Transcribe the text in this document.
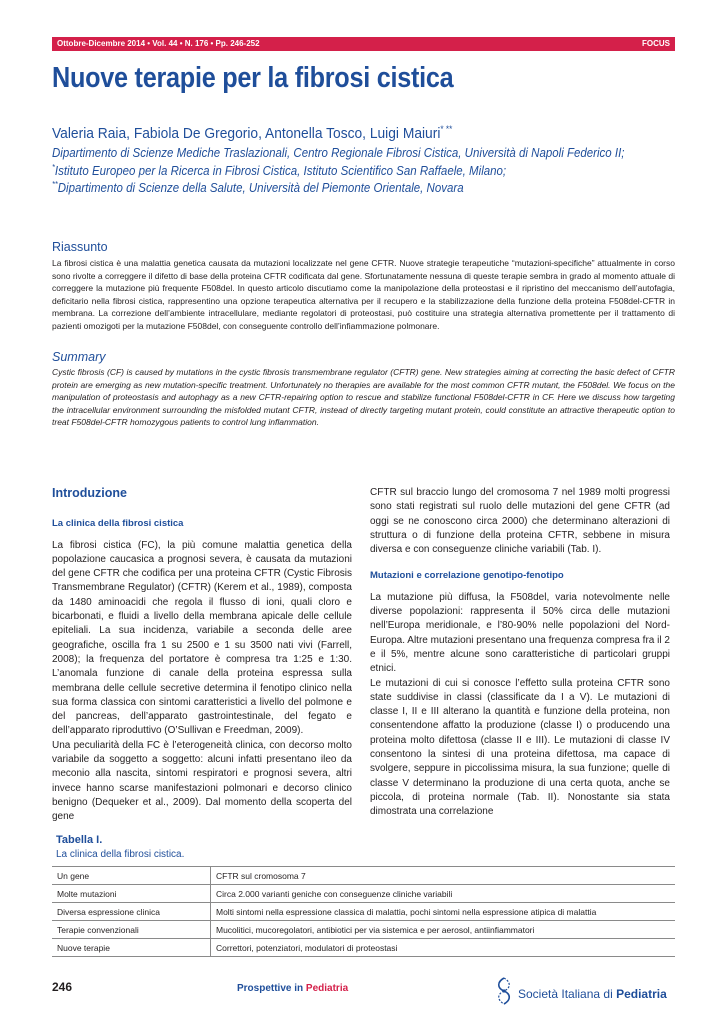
Ottobre-Dicembre 2014 • Vol. 44 • N. 176 • Pp. 246-252	FOCUS
Nuove terapie per la fibrosi cistica
Valeria Raia, Fabiola De Gregorio, Antonella Tosco, Luigi Maiuri* **
Dipartimento di Scienze Mediche Traslazionali, Centro Regionale Fibrosi Cistica, Università di Napoli Federico II;
*Istituto Europeo per la Ricerca in Fibrosi Cistica, Istituto Scientifico San Raffaele, Milano;
**Dipartimento di Scienze della Salute, Università del Piemonte Orientale, Novara
Riassunto

La fibrosi cistica è una malattia genetica causata da mutazioni localizzate nel gene CFTR. Nuove strategie terapeutiche “mutazioni-specifiche” attualmente in corso sono rivolte a correggere il difetto di base della proteina CFTR codificata dal gene. Sfortunatamente nessuna di queste terapie sembra in grado al momento attuale di correggere la mutazione più frequente F508del. In questo articolo discutiamo come la manipolazione della proteostasi e il ripristino del meccanismo dell’autofagia, deficitario nella fibrosi cistica, rappresentino una opzione terapeutica alternativa per il recupero e la stabilizzazione della funzione della proteina F508del-CFTR in membrana. La correzione dell’ambiente intracellulare, mediante regolatori di proteostasi, può costituire una strategia alternativa promettente per il trattamento di pazienti omozigoti per la mutazione F508del, con conseguente controllo dell’infiammazione polmonare.

Summary

Cystic fibrosis (CF) is caused by mutations in the cystic fibrosis transmembrane regulator (CFTR) gene. New strategies aiming at correcting the basic defect of CFTR protein are emerging as new mutation-specific treatment. Unfortunately no therapies are available for the most common CFTR mutant, the F508del. We focus on the manipulation of proteostasis and autophagy as a new CFTR-repairing option to rescue and stabilize functional F508del-CFTR in CF. Here we discuss how targeting the intracellular environment surrounding the misfolded mutant CFTR, instead of directly targeting mutant protein, could constitute an attractive therapeutic option to treat F508del-CFTR homozygous patients to control lung inflammation.

Introduzione
La clinica della fibrosi cistica

La fibrosi cistica (FC), la più comune malattia genetica della popolazione caucasica a prognosi severa, è causata da mutazioni del gene CFTR che codifica per una proteina CFTR (Cystic Fibrosis Transmembrane Regulator) (CFTR) (Kerem et al., 1989), composta da 1480 aminoacidi che regola il flusso di ioni, quali cloro e bicarbonati, e fluidi a livello della membrana apicale delle cellule epiteliali. La sua incidenza, variabile a seconda delle aree geografiche, oscilla fra 1 su 2500 e 1 su 3500 nati vivi (Farrell, 2008); la frequenza del portatore è compresa tra 1:25 e 1:30. L’anomala funzione di canale della proteina espressa sulla membrana delle cellule secretive determina il fenotipo clinico nella sua forma classica con sintomi caratteristici a livello del polmone e del pancreas, dell’apparato gastrointestinale, del fegato e dell’apparato riproduttivo (O’Sullivan e Freedman, 2009).

Una peculiarità della FC è l’eterogeneità clinica, con decorso molto variabile da soggetto a soggetto: alcuni infatti presentano ileo da meconio alla nascita, sintomi respiratori e prognosi severa, altri invece hanno scarse manifestazioni polmonari e decorso clinico benigno (Dequeker et al., 2009). Dal momento della scoperta del gene

CFTR sul braccio lungo del cromosoma 7 nel 1989 molti progressi sono stati registrati sul ruolo delle mutazioni del gene CFTR (ad oggi se ne conoscono circa 2000) che determinano alterazioni di struttura o di funzione della proteina CFTR, sebbene in misura diversa e con conseguenze cliniche variabili (Tab. I).

Mutazioni e correlazione genotipo-fenotipo

La mutazione più diffusa, la F508del, varia notevolmente nelle diverse popolazioni: rappresenta il 50% circa delle mutazioni nell’Europa meridionale, e l’80-90% nelle popolazioni del Nord-Europa. Altre mutazioni presentano una frequenza compresa fra il 2 e il 5%, mentre alcune sono caratteristiche di particolari gruppi etnici.

Le mutazioni di cui si conosce l’effetto sulla proteina CFTR sono state suddivise in classi (classificate da I a V). Le mutazioni di classe I, II e III alterano la quantità e funzione della proteina, non consentendone affatto la produzione (classe I) o producendo una proteina molto difettosa (classe II e III). Le mutazioni di classe IV consentono la sintesi di una proteina difettosa, ma capace di svolgere, seppure in piccolissima misura, la sua funzione; quelle di classe V determinano la produzione di una certa quota, anche se piccola, di proteina normale (Tab. II). Nonostante sia stata dimostrata una correlazione

Tabella I.
La clinica della fibrosi cistica.
Un gene	CFTR sul cromosoma 7
Molte mutazioni	Circa 2.000 varianti geniche con conseguenze cliniche variabili
Diversa espressione clinica	Molti sintomi nella espressione classica di malattia, pochi sintomi nella espressione atipica di malattia
Terapie convenzionali	Mucolitici, mucoregolatori, antibiotici per via sistemica e per aerosol, antiinfiammatori
Nuove terapie	Correttori, potenziatori, modulatori di proteostasi
246	Prospettive in Pediatria	Società Italiana di Pediatria
